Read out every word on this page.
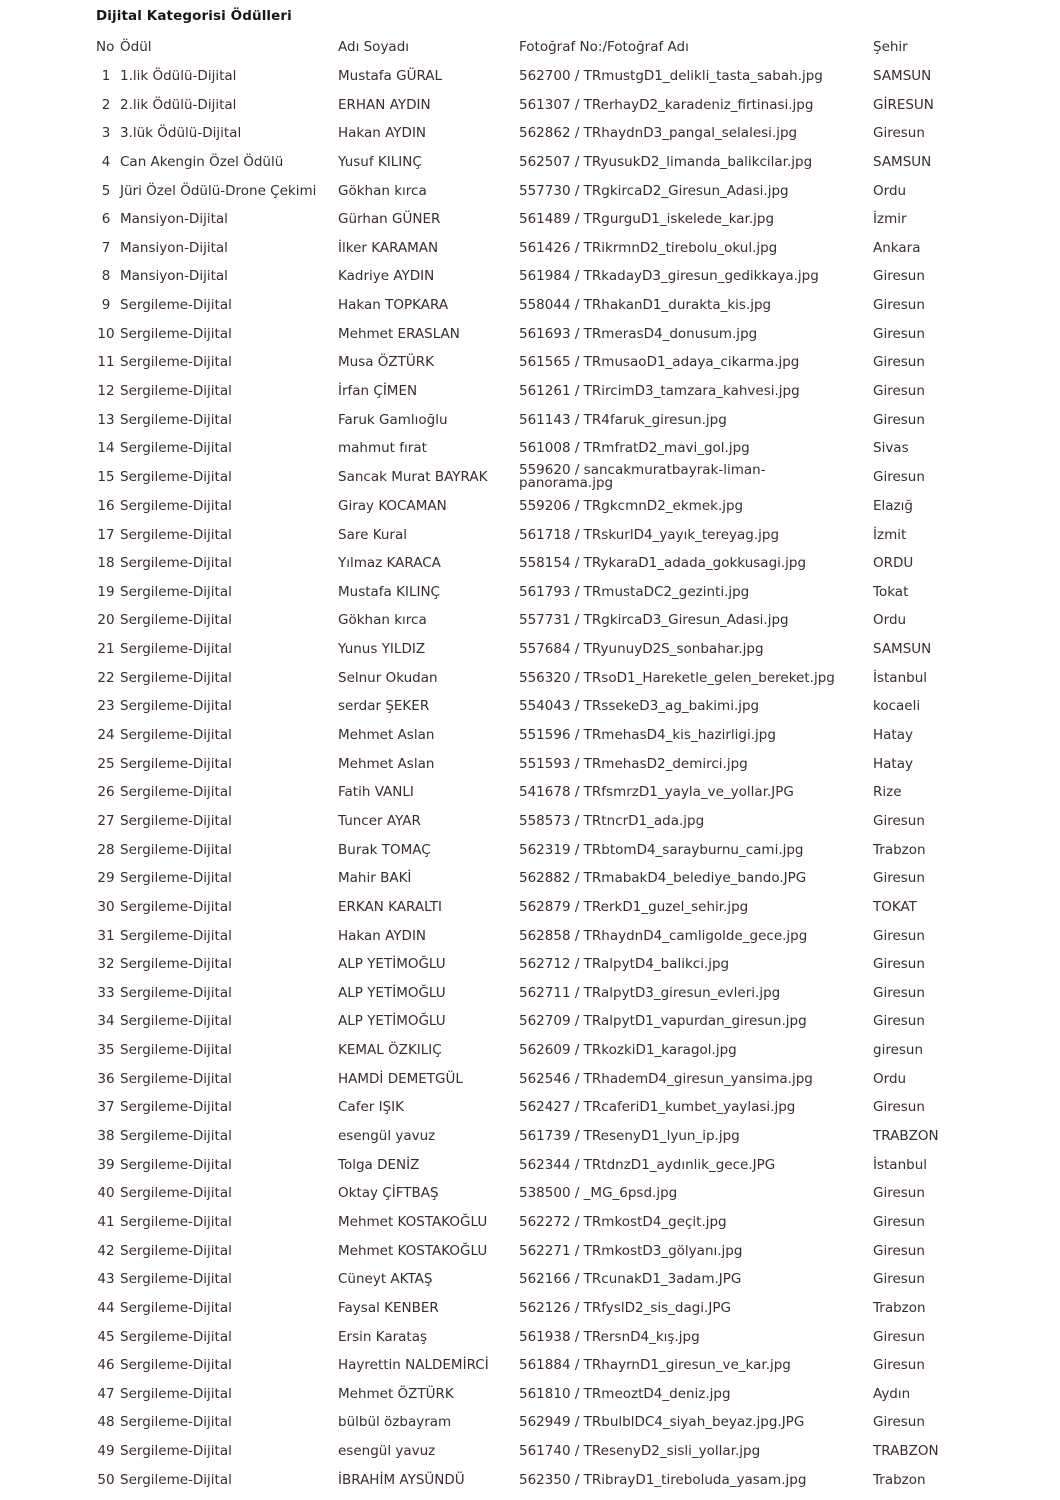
Dijital Kategorisi Ödülleri
No	Ödül	Adı Soyadı	Fotoğraf No:/Fotoğraf Adı	Şehir
1	1.lik Ödülü-Dijital	Mustafa GÜRAL	562700 / TRmustgD1_delikli_tasta_sabah.jpg	SAMSUN
2	2.lik Ödülü-Dijital	ERHAN AYDIN	561307 / TRerhayD2_karadeniz_firtinasi.jpg	GİRESUN
3	3.lük Ödülü-Dijital	Hakan AYDIN	562862 / TRhaydnD3_pangal_selalesi.jpg	Giresun
4	Can Akengin Özel Ödülü	Yusuf KILINÇ	562507 / TRyusukD2_limanda_balikcilar.jpg	SAMSUN
5	Jüri Özel Ödülü-Drone Çekimi	Gökhan kırca	557730 / TRgkircaD2_Giresun_Adasi.jpg	Ordu
6	Mansiyon-Dijital	Gürhan GÜNER	561489 / TRgurguD1_iskelede_kar.jpg	İzmir
7	Mansiyon-Dijital	İlker KARAMAN	561426 / TRikrmnD2_tirebolu_okul.jpg	Ankara
8	Mansiyon-Dijital	Kadriye AYDIN	561984 / TRkadayD3_giresun_gedikkaya.jpg	Giresun
9	Sergileme-Dijital	Hakan TOPKARA	558044 / TRhakanD1_durakta_kis.jpg	Giresun
10	Sergileme-Dijital	Mehmet ERASLAN	561693 / TRmerasD4_donusum.jpg	Giresun
11	Sergileme-Dijital	Musa ÖZTÜRK	561565 / TRmusaoD1_adaya_cikarma.jpg	Giresun
12	Sergileme-Dijital	İrfan ÇİMEN	561261 / TRircimD3_tamzara_kahvesi.jpg	Giresun
13	Sergileme-Dijital	Faruk Gamlıoğlu	561143 / TR4faruk_giresun.jpg	Giresun
14	Sergileme-Dijital	mahmut fırat	561008 / TRmfratD2_mavi_gol.jpg	Sivas
15	Sergileme-Dijital	Sancak Murat BAYRAK	559620 / sancakmuratbayrak-liman-panorama.jpg	Giresun
16	Sergileme-Dijital	Giray KOCAMAN	559206 / TRgkcmnD2_ekmek.jpg	Elazığ
17	Sergileme-Dijital	Sare Kural	561718 / TRskurlD4_yayık_tereyag.jpg	İzmit
18	Sergileme-Dijital	Yılmaz KARACA	558154 / TRykaraD1_adada_gokkusagi.jpg	ORDU
19	Sergileme-Dijital	Mustafa KILINÇ	561793 / TRmustaDC2_gezinti.jpg	Tokat
20	Sergileme-Dijital	Gökhan kırca	557731 / TRgkircaD3_Giresun_Adasi.jpg	Ordu
21	Sergileme-Dijital	Yunus YILDIZ	557684 / TRyunuyD2S_sonbahar.jpg	SAMSUN
22	Sergileme-Dijital	Selnur Okudan	556320 / TRsoD1_Hareketle_gelen_bereket.jpg	İstanbul
23	Sergileme-Dijital	serdar ŞEKER	554043 / TRssekeD3_ag_bakimi.jpg	kocaeli
24	Sergileme-Dijital	Mehmet Aslan	551596 / TRmehasD4_kis_hazirligi.jpg	Hatay
25	Sergileme-Dijital	Mehmet Aslan	551593 / TRmehasD2_demirci.jpg	Hatay
26	Sergileme-Dijital	Fatih VANLI	541678 / TRfsmrzD1_yayla_ve_yollar.JPG	Rize
27	Sergileme-Dijital	Tuncer AYAR	558573 / TRtncrD1_ada.jpg	Giresun
28	Sergileme-Dijital	Burak TOMAÇ	562319 / TRbtomD4_sarayburnu_cami.jpg	Trabzon
29	Sergileme-Dijital	Mahir BAKİ	562882 / TRmabakD4_belediye_bando.JPG	Giresun
30	Sergileme-Dijital	ERKAN KARALTI	562879 / TRerkD1_guzel_sehir.jpg	TOKAT
31	Sergileme-Dijital	Hakan AYDIN	562858 / TRhaydnD4_camligolde_gece.jpg	Giresun
32	Sergileme-Dijital	ALP YETİMOĞLU	562712 / TRalpytD4_balikci.jpg	Giresun
33	Sergileme-Dijital	ALP YETİMOĞLU	562711 / TRalpytD3_giresun_evleri.jpg	Giresun
34	Sergileme-Dijital	ALP YETİMOĞLU	562709 / TRalpytD1_vapurdan_giresun.jpg	Giresun
35	Sergileme-Dijital	KEMAL ÖZKILIÇ	562609 / TRkozkiD1_karagol.jpg	giresun
36	Sergileme-Dijital	HAMDİ DEMETGÜL	562546 / TRhademD4_giresun_yansima.jpg	Ordu
37	Sergileme-Dijital	Cafer IŞIK	562427 / TRcaferiD1_kumbet_yaylasi.jpg	Giresun
38	Sergileme-Dijital	esengül yavuz	561739 / TResenyD1_lyun_ip.jpg	TRABZON
39	Sergileme-Dijital	Tolga DENİZ	562344 / TRtdnzD1_aydınlik_gece.JPG	İstanbul
40	Sergileme-Dijital	Oktay ÇİFTBAŞ	538500 / _MG_6psd.jpg	Giresun
41	Sergileme-Dijital	Mehmet KOSTAKOĞLU	562272 / TRmkostD4_geçit.jpg	Giresun
42	Sergileme-Dijital	Mehmet KOSTAKOĞLU	562271 / TRmkostD3_gölyanı.jpg	Giresun
43	Sergileme-Dijital	Cüneyt AKTAŞ	562166 / TRcunakD1_3adam.JPG	Giresun
44	Sergileme-Dijital	Faysal KENBER	562126 / TRfyslD2_sis_dagi.JPG	Trabzon
45	Sergileme-Dijital	Ersin Karataş	561938 / TRersnD4_kış.jpg	Giresun
46	Sergileme-Dijital	Hayrettin NALDEMİRCİ	561884 / TRhayrnD1_giresun_ve_kar.jpg	Giresun
47	Sergileme-Dijital	Mehmet ÖZTÜRK	561810 / TRmeoztD4_deniz.jpg	Aydın
48	Sergileme-Dijital	bülbül özbayram	562949 / TRbulblDC4_siyah_beyaz.jpg.JPG	Giresun
49	Sergileme-Dijital	esengül yavuz	561740 / TResenyD2_sisli_yollar.jpg	TRABZON
50	Sergileme-Dijital	İBRAHİM AYSÜNDÜ	562350 / TRibrayD1_tireboluda_yasam.jpg	Trabzon
